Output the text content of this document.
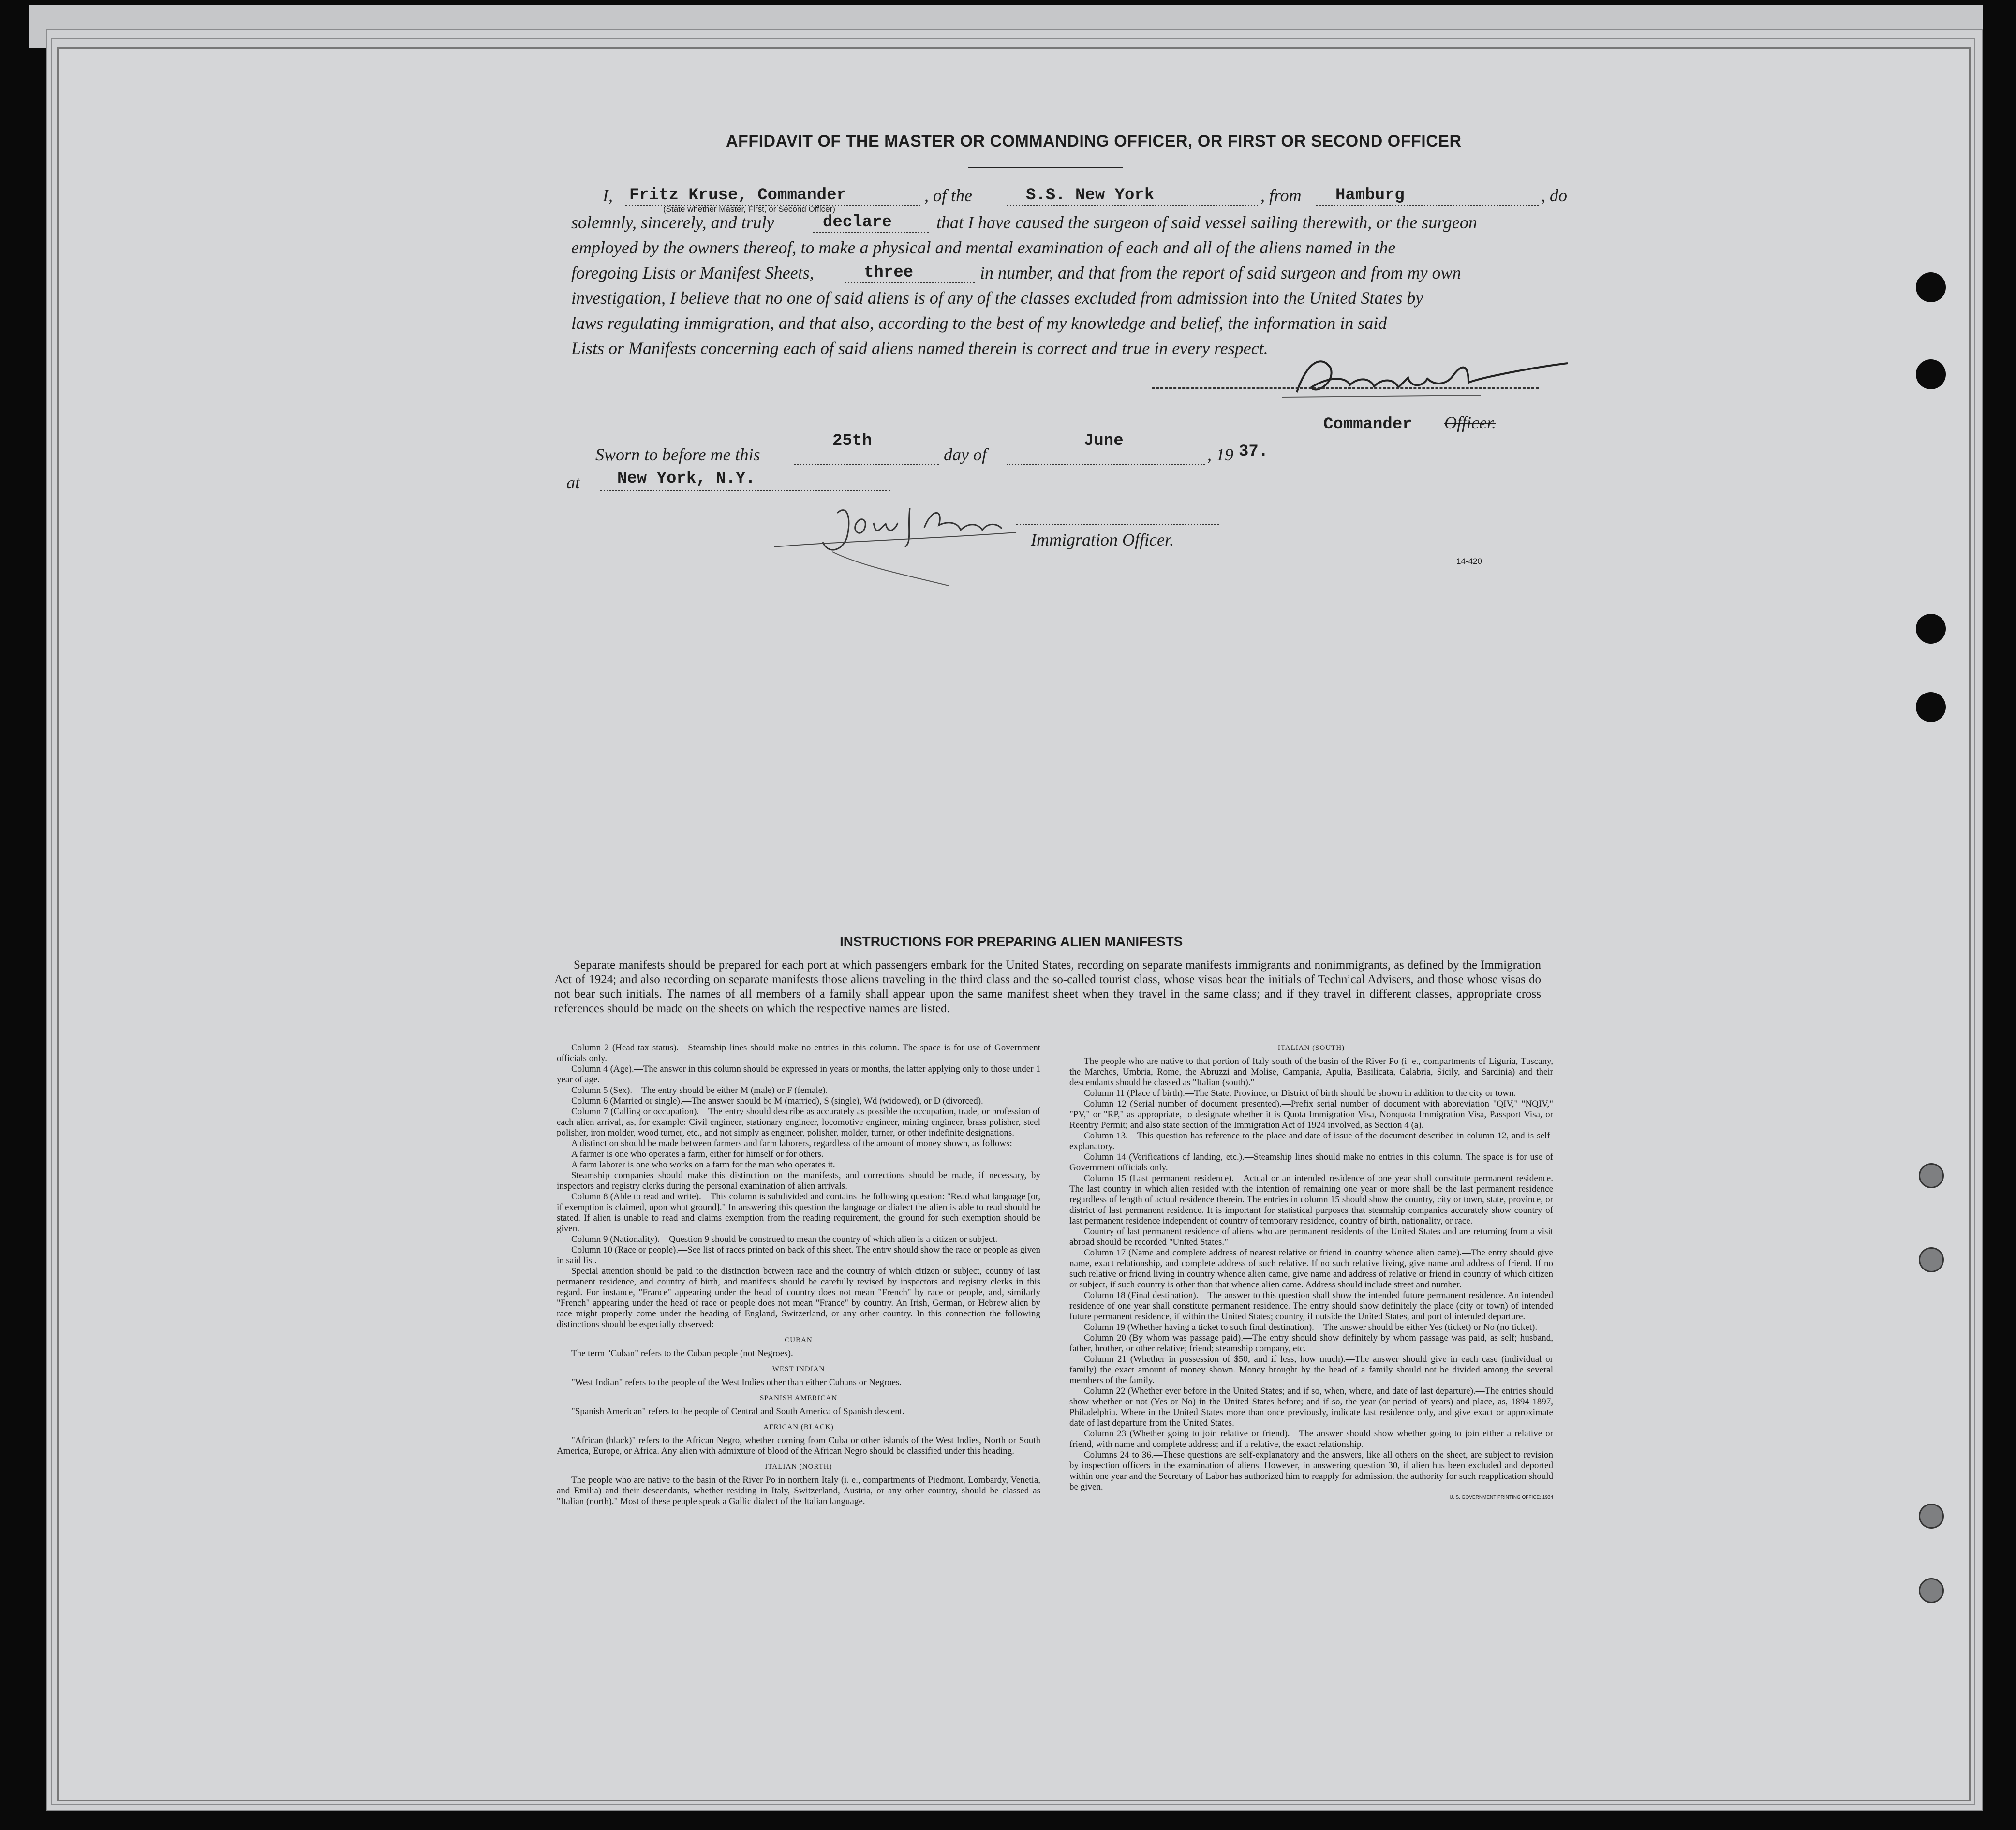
AFFIDAVIT OF THE MASTER OR COMMANDING OFFICER, OR FIRST OR SECOND OFFICER
I, Fritz Kruse, Commander	, of the	S.S. New York	, from Hamburg	, do
(State whether Master, First, or Second Officer)
solemnly, sincerely, and truly	declare	that I have caused the surgeon of said vessel sailing therewith, or the surgeon
employed by the owners thereof, to make a physical and mental examination of each and all of the aliens named in the
foregoing Lists or Manifest Sheets,	three	in number, and that from the report of said surgeon and from my own
investigation, I believe that no one of said aliens is of any of the classes excluded from admission into the United States by
laws regulating immigration, and that also, according to the best of my knowledge and belief, the information in said
Lists or Manifests concerning each of said aliens named therein is correct and true in every respect.
Commander Officer.
Sworn to before me this
25th
day of
June
, 19 37.
at New York, N.Y.
Immigration Officer.
14-420
INSTRUCTIONS FOR PREPARING ALIEN MANIFESTS
Separate manifests should be prepared for each port at which passengers embark for the United States, recording on separate manifests immigrants and nonimmigrants, as defined by the Immigration Act of 1924; and also recording on separate manifests those aliens traveling in the third class and the so-called tourist class, whose visas bear the initials of Technical Advisers, and those whose visas do not bear such initials. The names of all members of a family shall appear upon the same manifest sheet when they travel in the same class; and if they travel in different classes, appropriate cross references should be made on the sheets on which the respective names are listed.

Column 2 (Head-tax status).—Steamship lines should make no entries in this column. The space is for use of Government officials only.

Column 4 (Age).—The answer in this column should be expressed in years or months, the latter applying only to those under 1 year of age.

Column 5 (Sex).—The entry should be either M (male) or F (female).

Column 6 (Married or single).—The answer should be M (married), S (single), Wd (widowed), or D (divorced).

Column 7 (Calling or occupation).—The entry should describe as accurately as possible the occupation, trade, or profession of each alien arrival, as, for example: Civil engineer, stationary engineer, locomotive engineer, mining engineer, brass polisher, steel polisher, iron molder, wood turner, etc., and not simply as engineer, polisher, molder, turner, or other indefinite designations.

A distinction should be made between farmers and farm laborers, regardless of the amount of money shown, as follows:

A farmer is one who operates a farm, either for himself or for others.

A farm laborer is one who works on a farm for the man who operates it.

Steamship companies should make this distinction on the manifests, and corrections should be made, if necessary, by inspectors and registry clerks during the personal examination of alien arrivals.

Column 8 (Able to read and write).—This column is subdivided and contains the following question: "Read what language [or, if exemption is claimed, upon what ground]." In answering this question the language or dialect the alien is able to read should be stated. If alien is unable to read and claims exemption from the reading requirement, the ground for such exemption should be given.

Column 9 (Nationality).—Question 9 should be construed to mean the country of which alien is a citizen or subject.

Column 10 (Race or people).—See list of races printed on back of this sheet. The entry should show the race or people as given in said list.

Special attention should be paid to the distinction between race and the country of which citizen or subject, country of last permanent residence, and country of birth, and manifests should be carefully revised by inspectors and registry clerks in this regard. For instance, "France" appearing under the head of country does not mean "French" by race or people, and, similarly "French" appearing under the head of race or people does not mean "France" by country. An Irish, German, or Hebrew alien by race might properly come under the heading of England, Switzerland, or any other country. In this connection the following distinctions should be especially observed:

CUBAN

The term "Cuban" refers to the Cuban people (not Negroes).

WEST INDIAN

"West Indian" refers to the people of the West Indies other than either Cubans or Negroes.

SPANISH AMERICAN

"Spanish American" refers to the people of Central and South America of Spanish descent.

AFRICAN (BLACK)

"African (black)" refers to the African Negro, whether coming from Cuba or other islands of the West Indies, North or South America, Europe, or Africa. Any alien with admixture of blood of the African Negro should be classified under this heading.

ITALIAN (NORTH)

The people who are native to the basin of the River Po in northern Italy (i. e., compartments of Piedmont, Lombardy, Venetia, and Emilia) and their descendants, whether residing in Italy, Switzerland, Austria, or any other country, should be classed as "Italian (north)." Most of these people speak a Gallic dialect of the Italian language.

ITALIAN (SOUTH)

The people who are native to that portion of Italy south of the basin of the River Po (i. e., compartments of Liguria, Tuscany, the Marches, Umbria, Rome, the Abruzzi and Molise, Campania, Apulia, Basilicata, Calabria, Sicily, and Sardinia) and their descendants should be classed as "Italian (south)."

Column 11 (Place of birth).—The State, Province, or District of birth should be shown in addition to the city or town.

Column 12 (Serial number of document presented).—Prefix serial number of document with abbreviation "QIV," "NQIV," "PV," or "RP," as appropriate, to designate whether it is Quota Immigration Visa, Nonquota Immigration Visa, Passport Visa, or Reentry Permit; and also state section of the Immigration Act of 1924 involved, as Section 4 (a).

Column 13.—This question has reference to the place and date of issue of the document described in column 12, and is self-explanatory.

Column 14 (Verifications of landing, etc.).—Steamship lines should make no entries in this column. The space is for use of Government officials only.

Column 15 (Last permanent residence).—Actual or an intended residence of one year shall constitute permanent residence. The last country in which alien resided with the intention of remaining one year or more shall be the last permanent residence regardless of length of actual residence therein. The entries in column 15 should show the country, city or town, state, province, or district of last permanent residence. It is important for statistical purposes that steamship companies accurately show country of last permanent residence independent of country of temporary residence, country of birth, nationality, or race.

Country of last permanent residence of aliens who are permanent residents of the United States and are returning from a visit abroad should be recorded "United States."

Column 17 (Name and complete address of nearest relative or friend in country whence alien came).—The entry should give name, exact relationship, and complete address of such relative. If no such relative living, give name and address of friend. If no such relative or friend living in country whence alien came, give name and address of relative or friend in country of which citizen or subject, if such country is other than that whence alien came. Address should include street and number.

Column 18 (Final destination).—The answer to this question shall show the intended future permanent residence. An intended residence of one year shall constitute permanent residence. The entry should show definitely the place (city or town) of intended future permanent residence, if within the United States; country, if outside the United States, and port of intended departure.

Column 19 (Whether having a ticket to such final destination).—The answer should be either Yes (ticket) or No (no ticket).

Column 20 (By whom was passage paid).—The entry should show definitely by whom passage was paid, as self; husband, father, brother, or other relative; friend; steamship company, etc.

Column 21 (Whether in possession of $50, and if less, how much).—The answer should give in each case (individual or family) the exact amount of money shown. Money brought by the head of a family should not be divided among the several members of the family.

Column 22 (Whether ever before in the United States; and if so, when, where, and date of last departure).—The entries should show whether or not (Yes or No) in the United States before; and if so, the year (or period of years) and place, as, 1894-1897, Philadelphia. Where in the United States more than once previously, indicate last residence only, and give exact or approximate date of last departure from the United States.

Column 23 (Whether going to join relative or friend).—The answer should show whether going to join either a relative or friend, with name and complete address; and if a relative, the exact relationship.

Columns 24 to 36.—These questions are self-explanatory and the answers, like all others on the sheet, are subject to revision by inspection officers in the examination of aliens. However, in answering question 30, if alien has been excluded and deported within one year and the Secretary of Labor has authorized him to reapply for admission, the authority for such reapplication should be given.

U. S. GOVERNMENT PRINTING OFFICE: 1934
